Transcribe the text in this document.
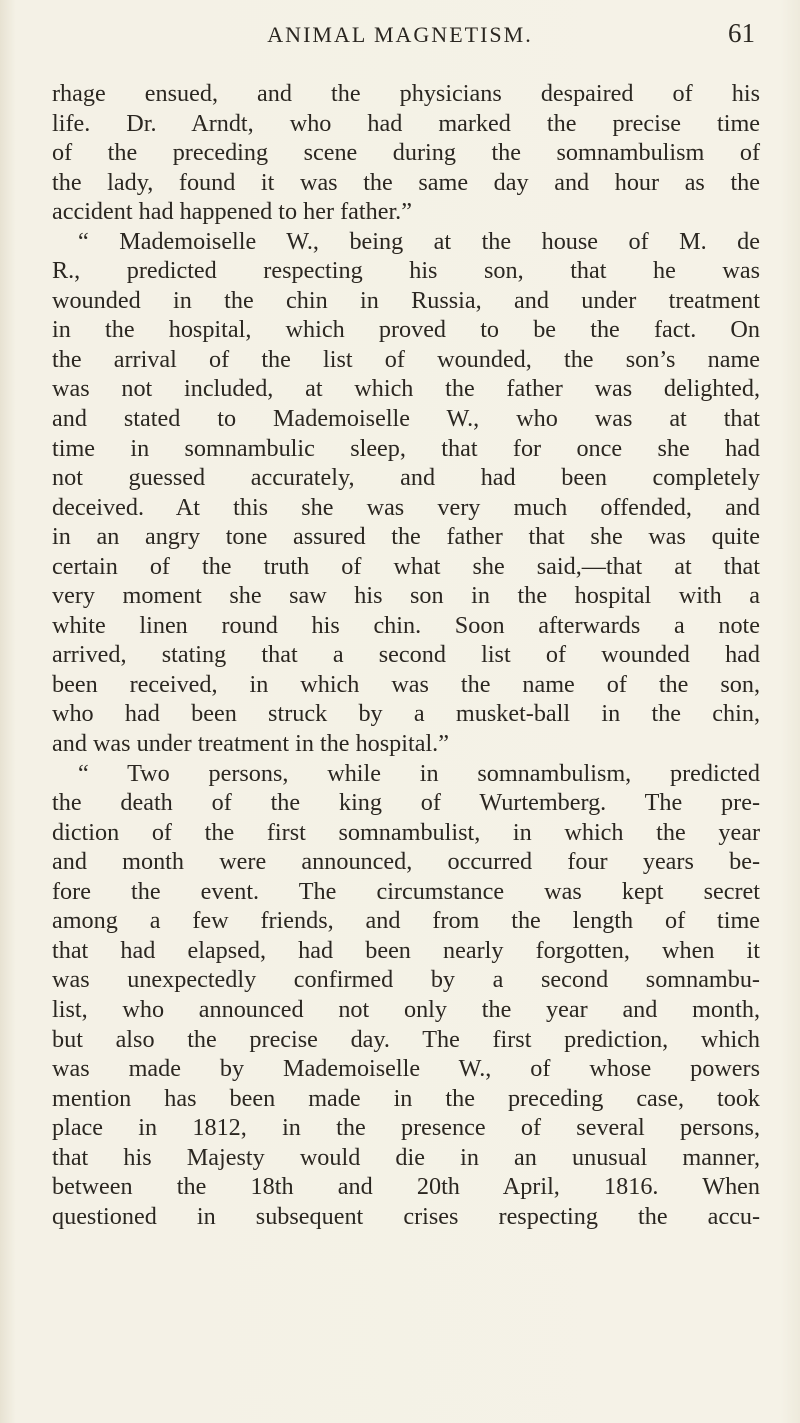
ANIMAL MAGNETISM.	61
rhage ensued, and the physicians despaired of his
life. Dr. Arndt, who had marked the precise time
of the preceding scene during the somnambulism of
the lady, found it was the same day and hour as the
accident had happened to her father.”
“ Mademoiselle W., being at the house of M. de
R., predicted respecting his son, that he was
wounded in the chin in Russia, and under treatment
in the hospital, which proved to be the fact. On
the arrival of the list of wounded, the son’s name
was not included, at which the father was delighted,
and stated to Mademoiselle W., who was at that
time in somnambulic sleep, that for once she had
not guessed accurately, and had been completely
deceived. At this she was very much offended, and
in an angry tone assured the father that she was quite
certain of the truth of what she said,—that at that
very moment she saw his son in the hospital with a
white linen round his chin. Soon afterwards a note
arrived, stating that a second list of wounded had
been received, in which was the name of the son,
who had been struck by a musket-ball in the chin,
and was under treatment in the hospital.”
“ Two persons, while in somnambulism, predicted
the death of the king of Wurtemberg. The pre-
diction of the first somnambulist, in which the year
and month were announced, occurred four years be-
fore the event. The circumstance was kept secret
among a few friends, and from the length of time
that had elapsed, had been nearly forgotten, when it
was unexpectedly confirmed by a second somnambu-
list, who announced not only the year and month,
but also the precise day. The first prediction, which
was made by Mademoiselle W., of whose powers
mention has been made in the preceding case, took
place in 1812, in the presence of several persons,
that his Majesty would die in an unusual manner,
between the 18th and 20th April, 1816. When
questioned in subsequent crises respecting the accu-
